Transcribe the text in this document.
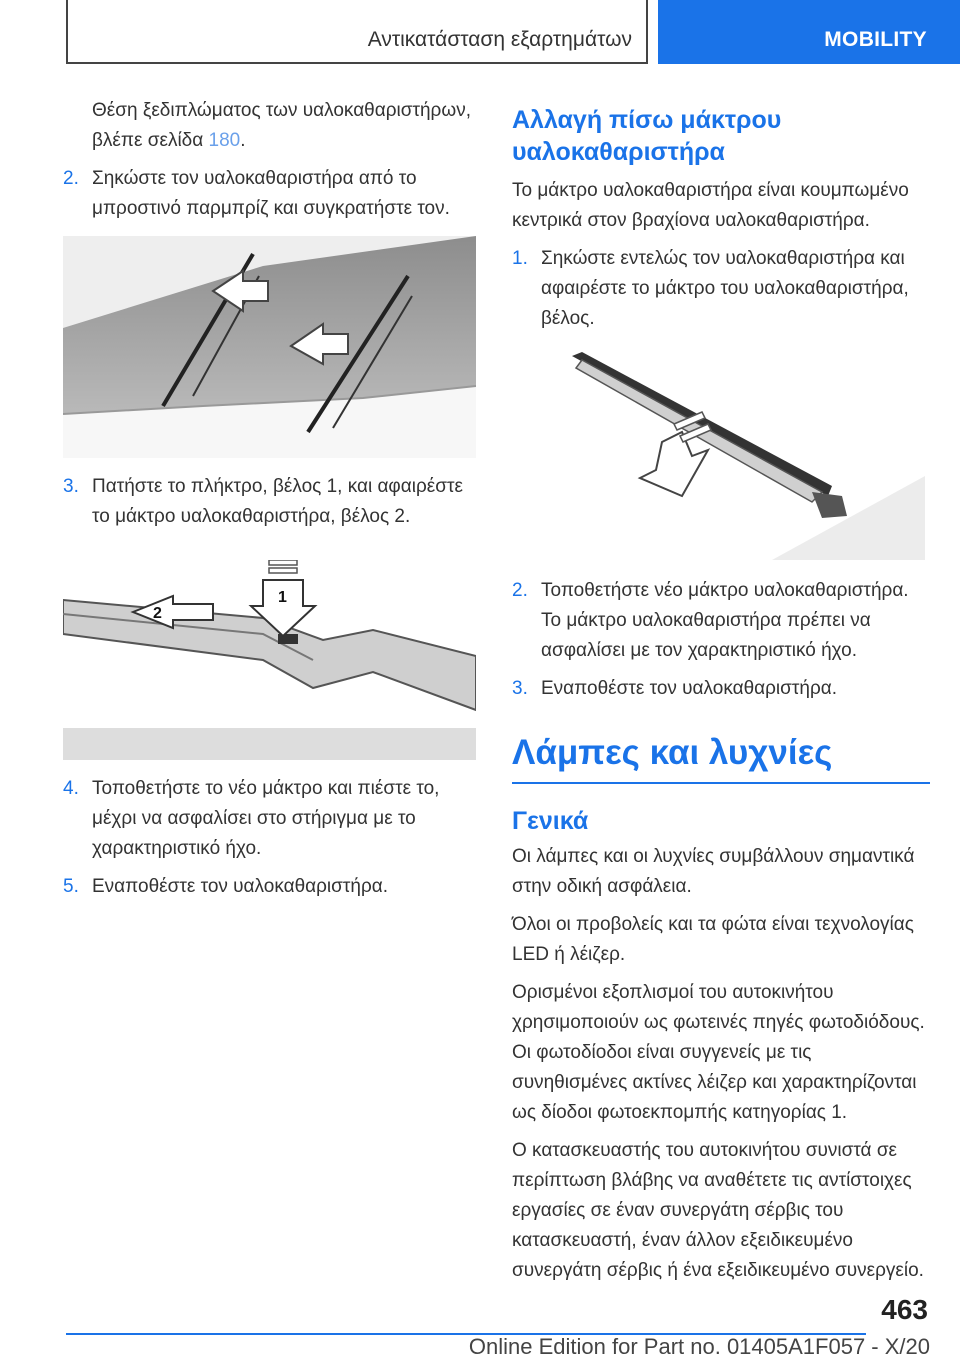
Αντικατάσταση εξαρτημάτων	MOBILITY

Θέση ξεδιπλώματος των υαλοκαθαριστήρων, βλέπε σελίδα 180.

2. Σηκώστε τον υαλοκαθαριστήρα από το μπροστινό παρμπρίζ και συγκρατήστε τον.
3. Πατήστε το πλήκτρο, βέλος 1, και αφαιρέστε το μάκτρο υαλοκαθαριστήρα, βέλος 2.
2
1
4. Τοποθετήστε το νέο μάκτρο και πιέστε το, μέχρι να ασφαλίσει στο στήριγμα με το χαρακτηριστικό ήχο.
5. Εναποθέστε τον υαλοκαθαριστήρα.
Αλλαγή πίσω μάκτρου υαλοκαθαριστήρα

Το μάκτρο υαλοκαθαριστήρα είναι κουμπωμένο κεντρικά στον βραχίονα υαλοκαθαριστήρα.

1. Σηκώστε εντελώς τον υαλοκαθαριστήρα και αφαιρέστε το μάκτρο του υαλοκαθαριστήρα, βέλος.
2. Τοποθετήστε νέο μάκτρο υαλοκαθαριστήρα. Το μάκτρο υαλοκαθαριστήρα πρέπει να ασφαλίσει με τον χαρακτηριστικό ήχο.
3. Εναποθέστε τον υαλοκαθαριστήρα.
Λάμπες και λυχνίες
Γενικά

Οι λάμπες και οι λυχνίες συμβάλλουν σημαντικά στην οδική ασφάλεια.

Όλοι οι προβολείς και τα φώτα είναι τεχνολογίας LED ή λέιζερ.

Ορισμένοι εξοπλισμοί του αυτοκινήτου χρησιμοποιούν ως φωτεινές πηγές φωτοδιόδους. Οι φωτοδίοδοι είναι συγγενείς με τις συνηθισμένες ακτίνες λέιζερ και χαρακτηρίζονται ως δίοδοι φωτοεκπομπής κατηγορίας 1.

Ο κατασκευαστής του αυτοκινήτου συνιστά σε περίπτωση βλάβης να αναθέτετε τις αντίστοιχες εργασίες σε έναν συνεργάτη σέρβις του κατασκευαστή, έναν άλλον εξειδικευμένο συνεργάτη σέρβις ή ένα εξειδικευμένο συνεργείο.

463
Online Edition for Part no. 01405A1F057 - X/20
